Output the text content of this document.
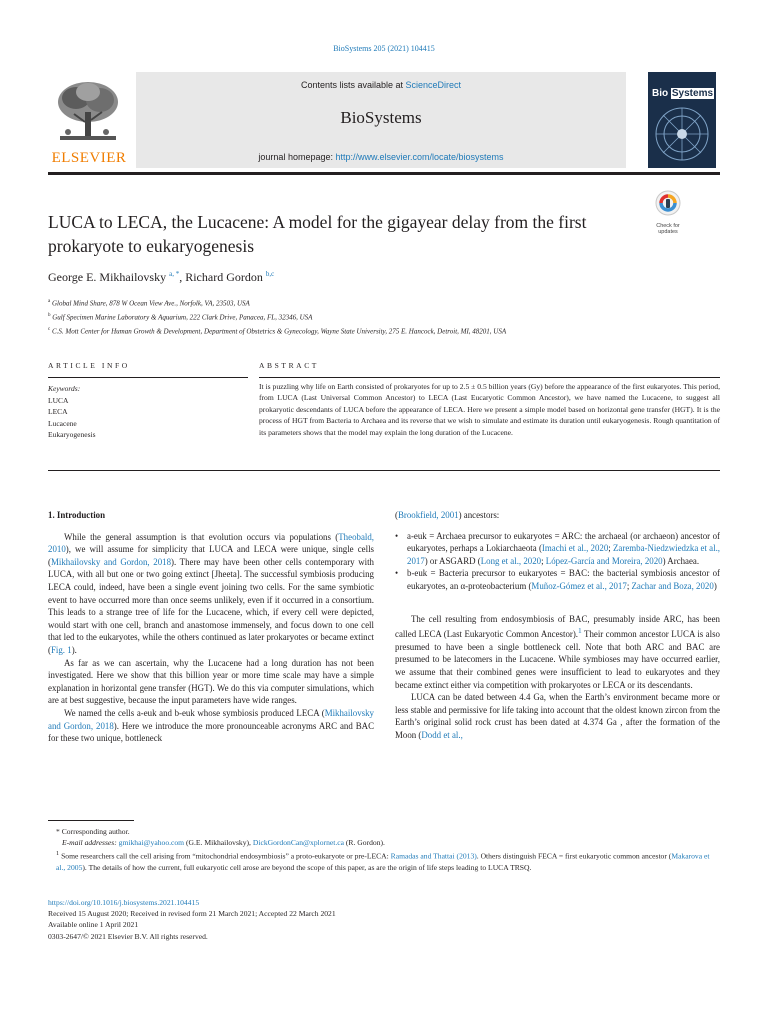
BioSystems 205 (2021) 104415
ELSEVIER
Contents lists available at ScienceDirect
BioSystems
journal homepage: http://www.elsevier.com/locate/biosystems
Bio Systems
LUCA to LECA, the Lucacene: A model for the gigayear delay from the first prokaryote to eukaryogenesis
Check for
updates
George E. Mikhailovsky $^{a, *}$, Richard Gordon $^{b,c}$
$^a$ Global Mind Share, 878 W Ocean View Ave., Norfolk, VA, 23503, USA
$^b$ Gulf Specimen Marine Laboratory & Aquarium, 222 Clark Drive, Panacea, FL, 32346, USA
$^c$ C.S. Mott Center for Human Growth & Development, Department of Obstetrics & Gynecology, Wayne State University, 275 E. Hancock, Detroit, MI, 48201, USA
ARTICLE INFO	ABSTRACT
Keywords:
LUCA
LECA
Lucacene
Eukaryogenesis
It is puzzling why life on Earth consisted of prokaryotes for up to 2.5 ± 0.5 billion years (Gy) before the appearance of the first eukaryotes. This period, from LUCA (Last Universal Common Ancestor) to LECA (Last Eucaryotic Common Ancestor), we have named the Lucacene, to suggest all prokaryotic descendants of LUCA before the appearance of LECA. Here we present a simple model based on horizontal gene transfer (HGT). It is the process of HGT from Bacteria to Archaea and its reverse that we wish to simulate and estimate its duration until eukaryogenesis. Rough quantitation of its parameters shows that the model may explain the long duration of the Lucacene.

1. Introduction

While the general assumption is that evolution occurs via populations (Theobald, 2010), we will assume for simplicity that LUCA and LECA were unique, single cells (Mikhailovsky and Gordon, 2018). There may have been other cells contemporary with LUCA, with all but one or two going extinct [Jheeta]. The successful symbiosis producing LECA could, indeed, have been a single event joining two cells. For the same symbiotic event to have occurred more than once seems unlikely, even if it occurred in a consortium. This leads to a strange tree of life for the Lucacene, which, if every cell were depicted, would start with one cell, branch and anastomose immensely, and focus down to one cell that led to the eukaryotes, while the others continued as later prokaryotes or became extinct (Fig. 1).

As far as we can ascertain, why the Lucacene had a long duration has not been investigated. Here we show that this billion year or more time scale may have a simple explanation in horizontal gene transfer (HGT). We do this via computer simulations, which are at best suggestive, because the input parameters have wide ranges.

We named the cells a-euk and b-euk whose symbiosis produced LECA (Mikhailovsky and Gordon, 2018). Here we introduce the more pronounceable acronyms ARC and BAC for these two unique, bottleneck

(Brookfield, 2001) ancestors:

• a-euk = Archaea precursor to eukaryotes = ARC: the archaeal (or archaeon) ancestor of eukaryotes, perhaps a Lokiarchaeota (Imachi et al., 2020; Zaremba-Niedzwiedzka et al., 2017) or ASGARD (Long et al., 2020; López-García and Moreira, 2020) Archaea.
• b-euk = Bacteria precursor to eukaryotes = BAC: the bacterial symbiosis ancestor of eukaryotes, an α-proteobacterium (Muñoz-Gómez et al., 2017; Zachar and Boza, 2020)

The cell resulting from endosymbiosis of BAC, presumably inside ARC, has been called LECA (Last Eukaryotic Common Ancestor).$^1$ Their common ancestor LUCA is also presumed to have been a single bottleneck cell. Note that both ARC and BAC are presumed to be latecomers in the Lucacene. While symbioses may have occurred earlier, we assume that their combined genes were insufficient to lead to eukaryotes and they became extinct either via competition with prokaryotes or LECA or its descendants.

LUCA can be dated between 4.4 Ga, when the Earth’s environment became more or less stable and permissive for life taking into account that the oldest known zircon from the Earth’s original solid rock crust has been dated at 4.374 Ga , after the formation of the Moon (Dodd et al.,

* Corresponding author.

E-mail addresses: gmikhai@yahoo.com (G.E. Mikhailovsky), DickGordonCan@xplornet.ca (R. Gordon).

$^1$ Some researchers call the cell arising from “mitochondrial endosymbiosis” a proto-eukaryote or pre-LECA: Ramadas and Thattai (2013). Others distinguish FECA = first eukaryotic common ancestor (Makarova et al., 2005). The details of how the current, full eukaryotic cell arose are beyond the scope of this paper, as are the origin of life steps leading to LUCA TRSQ.

https://doi.org/10.1016/j.biosystems.2021.104415

Received 15 August 2020; Received in revised form 21 March 2021; Accepted 22 March 2021

Available online 1 April 2021

0303-2647/© 2021 Elsevier B.V. All rights reserved.
